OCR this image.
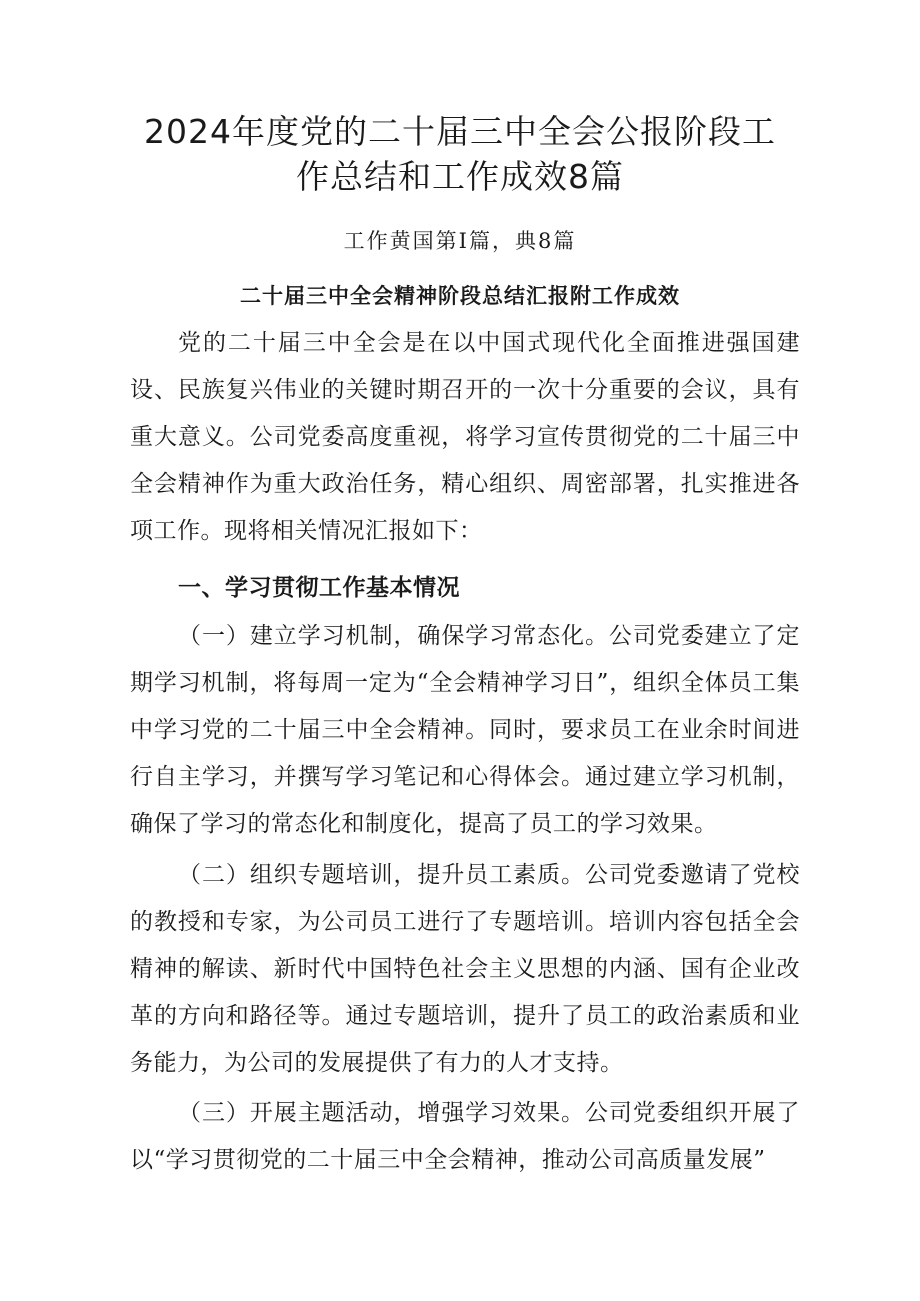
2024年度党的二十届三中全会公报阶段工
作总结和工作成效8篇
工作黄国第Ⅰ篇，典8篇
二十届三中全会精神阶段总结汇报附工作成效
党的二十届三中全会是在以中国式现代化全面推进强国建设、民族复兴伟业的关键时期召开的一次十分重要的会议，具有重大意义。公司党委高度重视，将学习宣传贯彻党的二十届三中全会精神作为重大政治任务，精心组织、周密部署，扎实推进各项工作。现将相关情况汇报如下：
一、学习贯彻工作基本情况
（一）建立学习机制，确保学习常态化。公司党委建立了定期学习机制，将每周一定为“全会精神学习日”，组织全体员工集中学习党的二十届三中全会精神。同时，要求员工在业余时间进行自主学习，并撰写学习笔记和心得体会。通过建立学习机制，确保了学习的常态化和制度化，提高了员工的学习效果。
（二）组织专题培训，提升员工素质。公司党委邀请了党校的教授和专家，为公司员工进行了专题培训。培训内容包括全会精神的解读、新时代中国特色社会主义思想的内涵、国有企业改革的方向和路径等。通过专题培训，提升了员工的政治素质和业务能力，为公司的发展提供了有力的人才支持。
（三）开展主题活动，增强学习效果。公司党委组织开展了以“学习贯彻党的二十届三中全会精神，推动公司高质量发展”
